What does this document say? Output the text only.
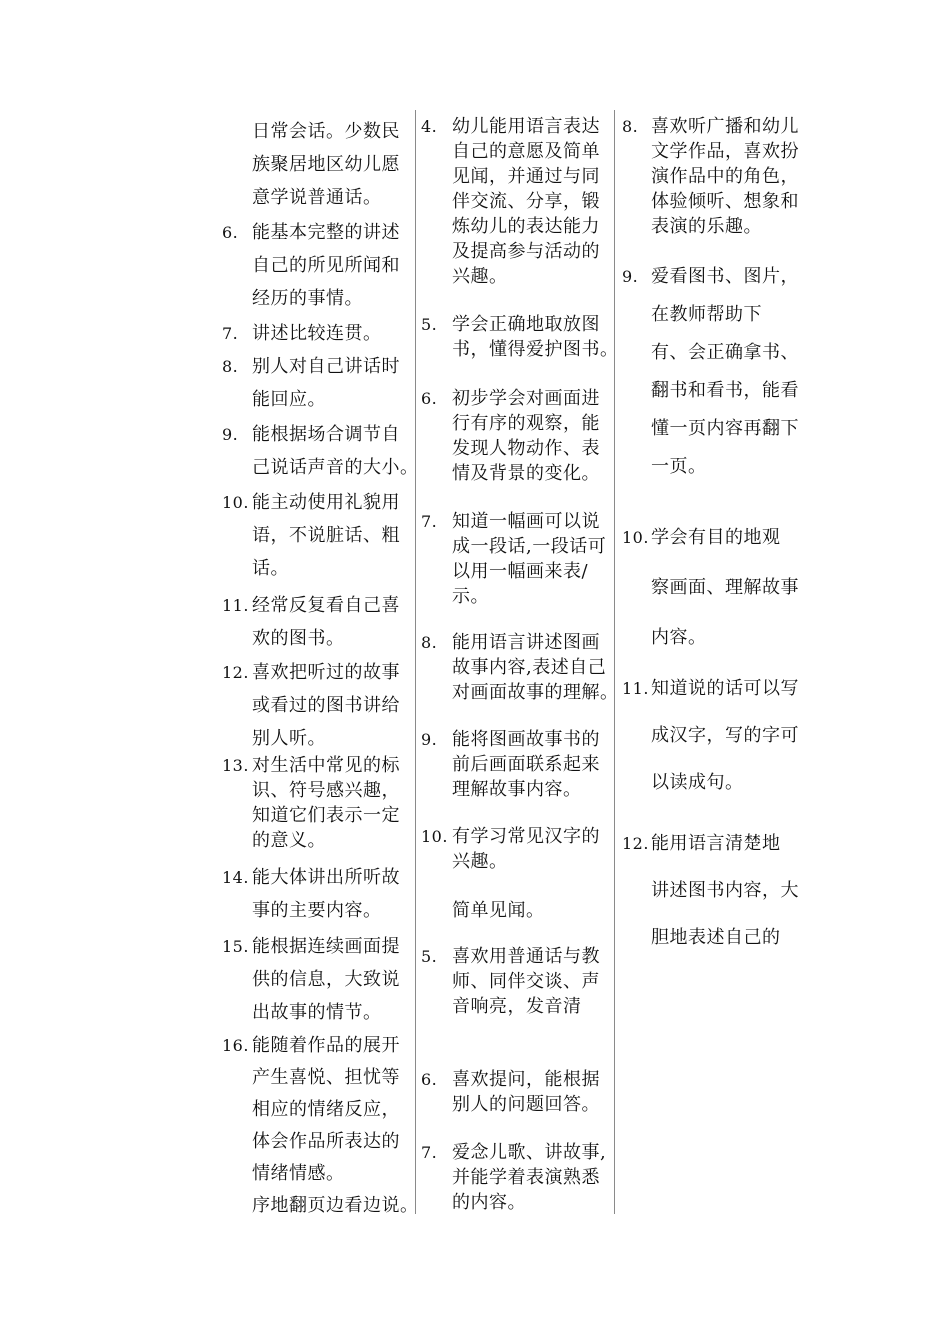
日常会话。少数民
族聚居地区幼儿愿
意学说普通话。
6. 能基本完整的讲述
自己的所见所闻和
经历的事情。
7. 讲述比较连贯。
8. 别人对自己讲话时
能回应。
9. 能根据场合调节自
己说话声音的大小。
10. 能主动使用礼貌用
语，不说脏话、粗
话。
11. 经常反复看自己喜
欢的图书。
12. 喜欢把听过的故事
或看过的图书讲给
别人听。
13. 对生活中常见的标
识、符号感兴趣，
知道它们表示一定
的意义。
14. 能大体讲出所听故
事的主要内容。
15. 能根据连续画面提
供的信息，大致说
出故事的情节。
16. 能随着作品的展开
产生喜悦、担忧等
相应的情绪反应，
体会作品所表达的
情绪情感。
序地翻页边看边说。
4. 幼儿能用语言表达
自己的意愿及简单
见闻，并通过与同
伴交流、分享，锻
炼幼儿的表达能力
及提高参与活动的
兴趣。
5. 学会正确地取放图
书，懂得爱护图书。
6. 初步学会对画面进
行有序的观察，能
发现人物动作、表
情及背景的变化。
7. 知道一幅画可以说
成一段话,一段话可
以用一幅画来表/
示。
8. 能用语言讲述图画
故事内容,表述自己
对画面故事的理解。
9. 能将图画故事书的
前后画面联系起来
理解故事内容。
10. 有学习常见汉字的
兴趣。
简单见闻。
5. 喜欢用普通话与教
师、同伴交谈、声
音响亮，发音清
6. 喜欢提问，能根据
别人的问题回答。
7. 爱念儿歌、讲故事,
并能学着表演熟悉
的内容。
8. 喜欢听广播和幼儿
文学作品，喜欢扮
演作品中的角色，
体验倾听、想象和
表演的乐趣。
9. 爱看图书、图片，
在教师帮助下
有、会正确拿书、
翻书和看书，能看
懂一页内容再翻下
一页。
10. 学会有目的地观
察画面、理解故事
内容。
11. 知道说的话可以写
成汉字，写的字可
以读成句。
12. 能用语言清楚地
讲述图书内容，大
胆地表述自己的
